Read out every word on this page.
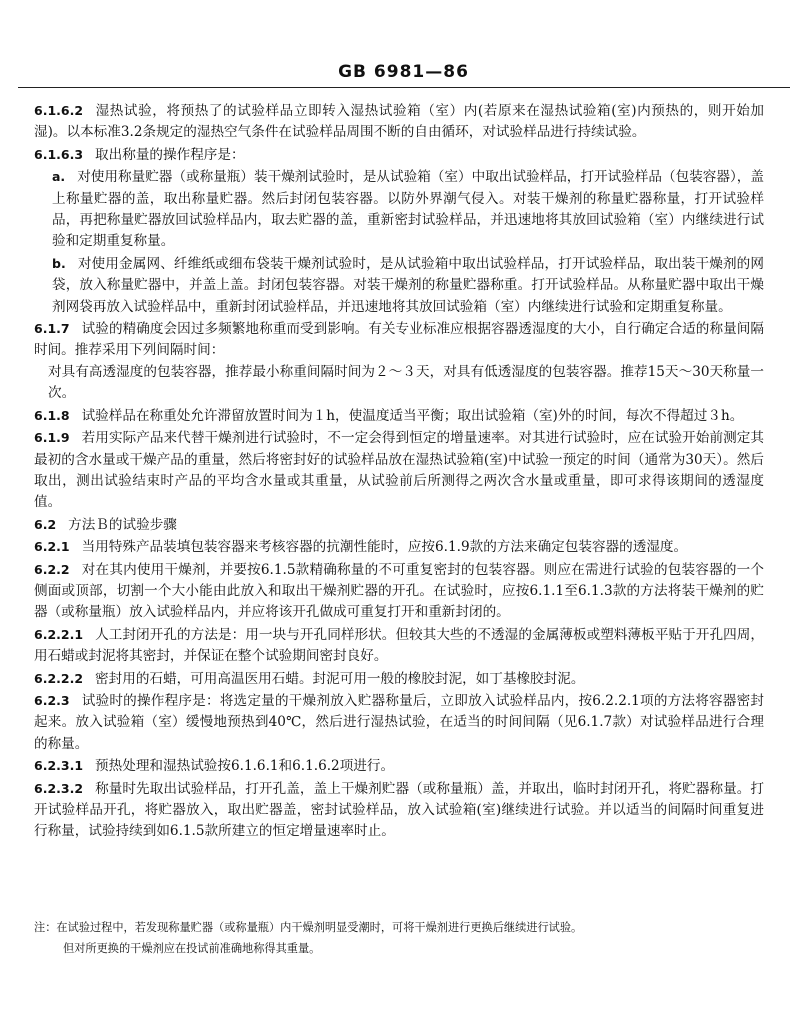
GB 6981—86

6.1.6.2 湿热试验，将预热了的试验样品立即转入湿热试验箱（室）内(若原来在湿热试验箱(室)内预热的，则开始加湿)。以本标准3.2条规定的湿热空气条件在试验样品周围不断的自由循环，对试验样品进行持续试验。

6.1.6.3 取出称量的操作程序是：

a. 对使用称量贮器（或称量瓶）装干燥剂试验时，是从试验箱（室）中取出试验样品，打开试验样品（包装容器），盖上称量贮器的盖，取出称量贮器。然后封闭包装容器。以防外界潮气侵入。对装干燥剂的称量贮器称量，打开试验样品，再把称量贮器放回试验样品内，取去贮器的盖，重新密封试验样品，并迅速地将其放回试验箱（室）内继续进行试验和定期重复称量。

b. 对使用金属网、纤维纸或细布袋装干燥剂试验时，是从试验箱中取出试验样品，打开试验样品，取出装干燥剂的网袋，放入称量贮器中，并盖上盖。封闭包装容器。对装干燥剂的称量贮器称重。打开试验样品。从称量贮器中取出干燥剂网袋再放入试验样品中，重新封闭试验样品，并迅速地将其放回试验箱（室）内继续进行试验和定期重复称量。

6.1.7 试验的精确度会因过多频繁地称重而受到影响。有关专业标准应根据容器透湿度的大小，自行确定合适的称量间隔时间。推荐采用下列间隔时间：

对具有高透湿度的包装容器，推荐最小称重间隔时间为２～３天，对具有低透湿度的包装容器。推荐15天～30天称量一次。

6.1.8 试验样品在称重处允许滞留放置时间为１h，使温度适当平衡；取出试验箱（室)外的时间，每次不得超过３h。

6.1.9 若用实际产品来代替干燥剂进行试验时，不一定会得到恒定的增量速率。对其进行试验时，应在试验开始前测定其最初的含水量或干燥产品的重量，然后将密封好的试验样品放在湿热试验箱(室)中试验一预定的时间（通常为30天）。然后取出，测出试验结束时产品的平均含水量或其重量，从试验前后所测得之两次含水量或重量，即可求得该期间的透湿度值。

6.2 方法Ｂ的试验步骤

6.2.1 当用特殊产品装填包装容器来考核容器的抗潮性能时，应按6.1.9款的方法来确定包装容器的透湿度。

6.2.2 对在其内使用干燥剂，并要按6.1.5款精确称量的不可重复密封的包装容器。则应在需进行试验的包装容器的一个侧面或顶部，切割一个大小能由此放入和取出干燥剂贮器的开孔。在试验时，应按6.1.1至6.1.3款的方法将装干燥剂的贮器（或称量瓶）放入试验样品内，并应将该开孔做成可重复打开和重新封闭的。

6.2.2.1 人工封闭开孔的方法是：用一块与开孔同样形状。但较其大些的不透湿的金属薄板或塑料薄板平贴于开孔四周，用石蜡或封泥将其密封，并保证在整个试验期间密封良好。

6.2.2.2 密封用的石蜡，可用高温医用石蜡。封泥可用一般的橡胶封泥，如丁基橡胶封泥。

6.2.3 试验时的操作程序是：将选定量的干燥剂放入贮器称量后，立即放入试验样品内，按6.2.2.1项的方法将容器密封起来。放入试验箱（室）缓慢地预热到40℃，然后进行湿热试验，在适当的时间间隔（见6.1.7款）对试验样品进行合理的称量。

6.2.3.1 预热处理和湿热试验按6.1.6.1和6.1.6.2项进行。

6.2.3.2 称量时先取出试验样品，打开孔盖，盖上干燥剂贮器（或称量瓶）盖，并取出，临时封闭开孔，将贮器称量。打开试验样品开孔，将贮器放入，取出贮器盖，密封试验样品，放入试验箱(室)继续进行试验。并以适当的间隔时间重复进行称量，试验持续到如6.1.5款所建立的恒定增量速率时止。

注：在试验过程中，若发现称量贮器（或称量瓶）内干燥剂明显受潮时，可将干燥剂进行更换后继续进行试验。
但对所更换的干燥剂应在投试前准确地称得其重量。
